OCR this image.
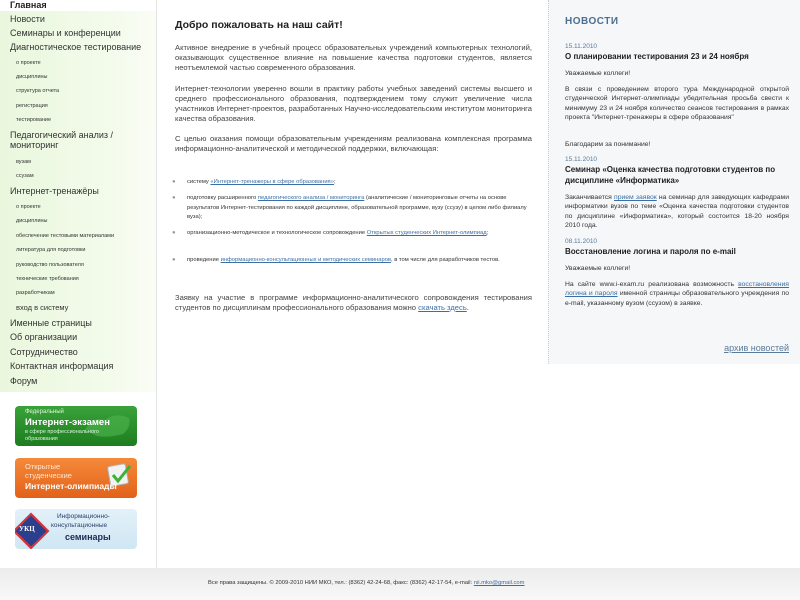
Главная
Новости
Семинары и конференции
Диагностическое тестирование
о проекте
дисциплины
структура отчета
регистрация
тестирование
Педагогический анализ /
мониторинг
вузам
ссузам
Интернет-тренажёры
о проекте
дисциплины
обеспечение тестовыми материалами
литература для подготовки
руководство пользователя
технические требования
разработчикам
вход в систему
Именные страницы
Об организации
Сотрудничество
Контактная информация
Форум
Федеральный
Интернет-экзамен
в сфере профессионального
образования
Открытые
студенческие
Интернет-олимпиады
УКЦ
Информационно-
консультационные
семинары
Добро пожаловать на наш сайт!
Активное внедрение в учебный процесс образовательных учреждений компьютерных технологий, оказывающих существенное влияние на повышение качества подготовки студентов, является неотъемлемой частью современного образования.
Интернет-технологии уверенно вошли в практику работы учебных заведений системы высшего и среднего профессионального образования, подтверждением тому служит увеличение числа участников Интернет-проектов, разработанных Научно-исследовательским институтом мониторинга качества образования.
С целью оказания помощи образовательным учреждениям реализована комплексная программа информационно-аналитической и методической поддержки, включающая:
● систему «Интернет-тренажеры в сфере образования»;
● подготовку расширенного педагогического анализа / мониторинга (аналитические / мониторинговые отчеты на основе результатов Интернет-тестирования по каждой дисциплине, образовательной программе, вузу (ссузу) в целом либо филиалу вуза);
● организационно-методическое и технологическое сопровождение Открытых студенческих Интернет-олимпиад;
● проведение информационно-консультационных и методических семинаров, в том числе для разработчиков тестов.
Заявку на участие в программе информационно-аналитического сопровождения тестирования студентов по дисциплинам профессионального образования можно скачать здесь.
НОВОСТИ
15.11.2010
О планировании тестирования 23 и 24 ноября
Уважаемые коллеги!
В связи с проведением второго тура Международной открытой студенческой Интернет-олимпиады убедительная просьба свести к минимуму 23 и 24 ноября количество сеансов тестирования в рамках проекта "Интернет-тренажеры в сфере образования"
Благодарим за понимание!
15.11.2010
Семинар «Оценка качества подготовки студентов по дисциплине «Информатика»
Заканчивается прием заявок на семинар для заведующих кафедрами информатики вузов по теме «Оценка качества подготовки студентов по дисциплине «Информатика», который состоится 18-20 ноября 2010 года.
08.11.2010
Восстановление логина и пароля по e-mail
Уважаемые коллеги!
На сайте www.i-exam.ru реализована возможность восстановления логина и пароля именной страницы образовательного учреждения по e-mail, указанному вузом (ссузом) в заявке.
архив новостей
Все права защищены. © 2009-2010 НИИ МКО, тел.: (8362) 42-24-68, факс: (8362) 42-17-54, e-mail: nii.mko@gmail.com
